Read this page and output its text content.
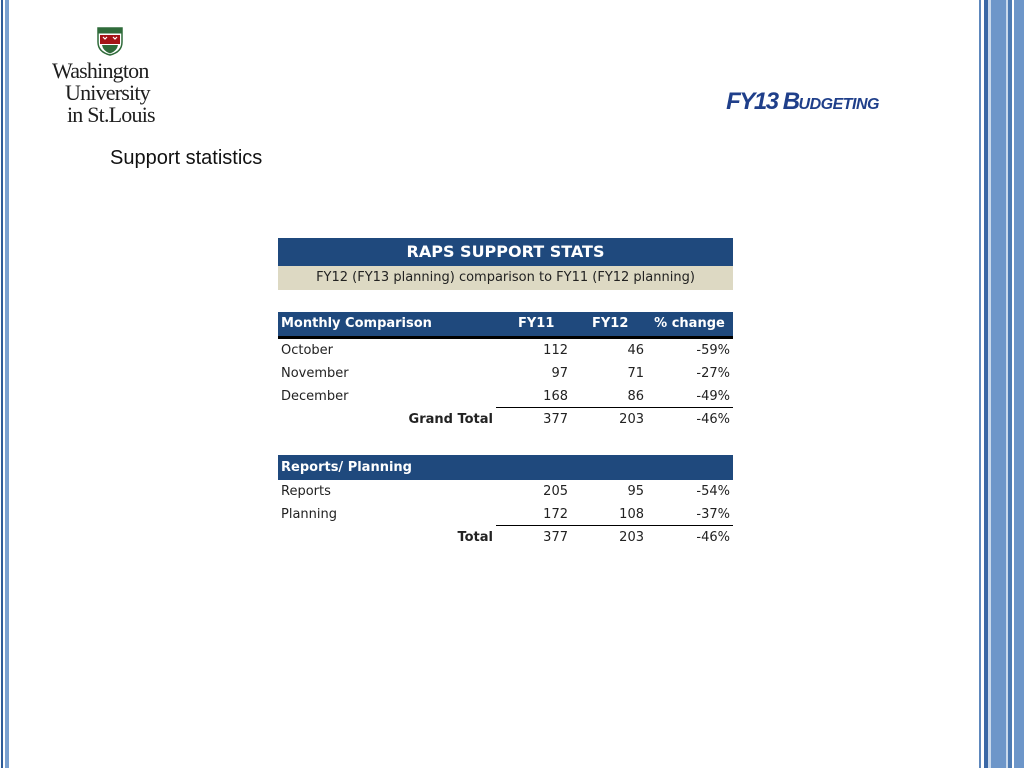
Washington
University
in St.Louis	FY13 BUDGETING
Support statistics
RAPS SUPPORT STATS
FY12 (FY13 planning) comparison to FY11 (FY12 planning)
Monthly Comparison	FY11	FY12	% change
October	112	46	-59%
November	97	71	-27%
December	168	86	-49%
Grand Total	377	203	-46%
Reports/ Planning
Reports	205	95	-54%
Planning	172	108	-37%
Total	377	203	-46%
